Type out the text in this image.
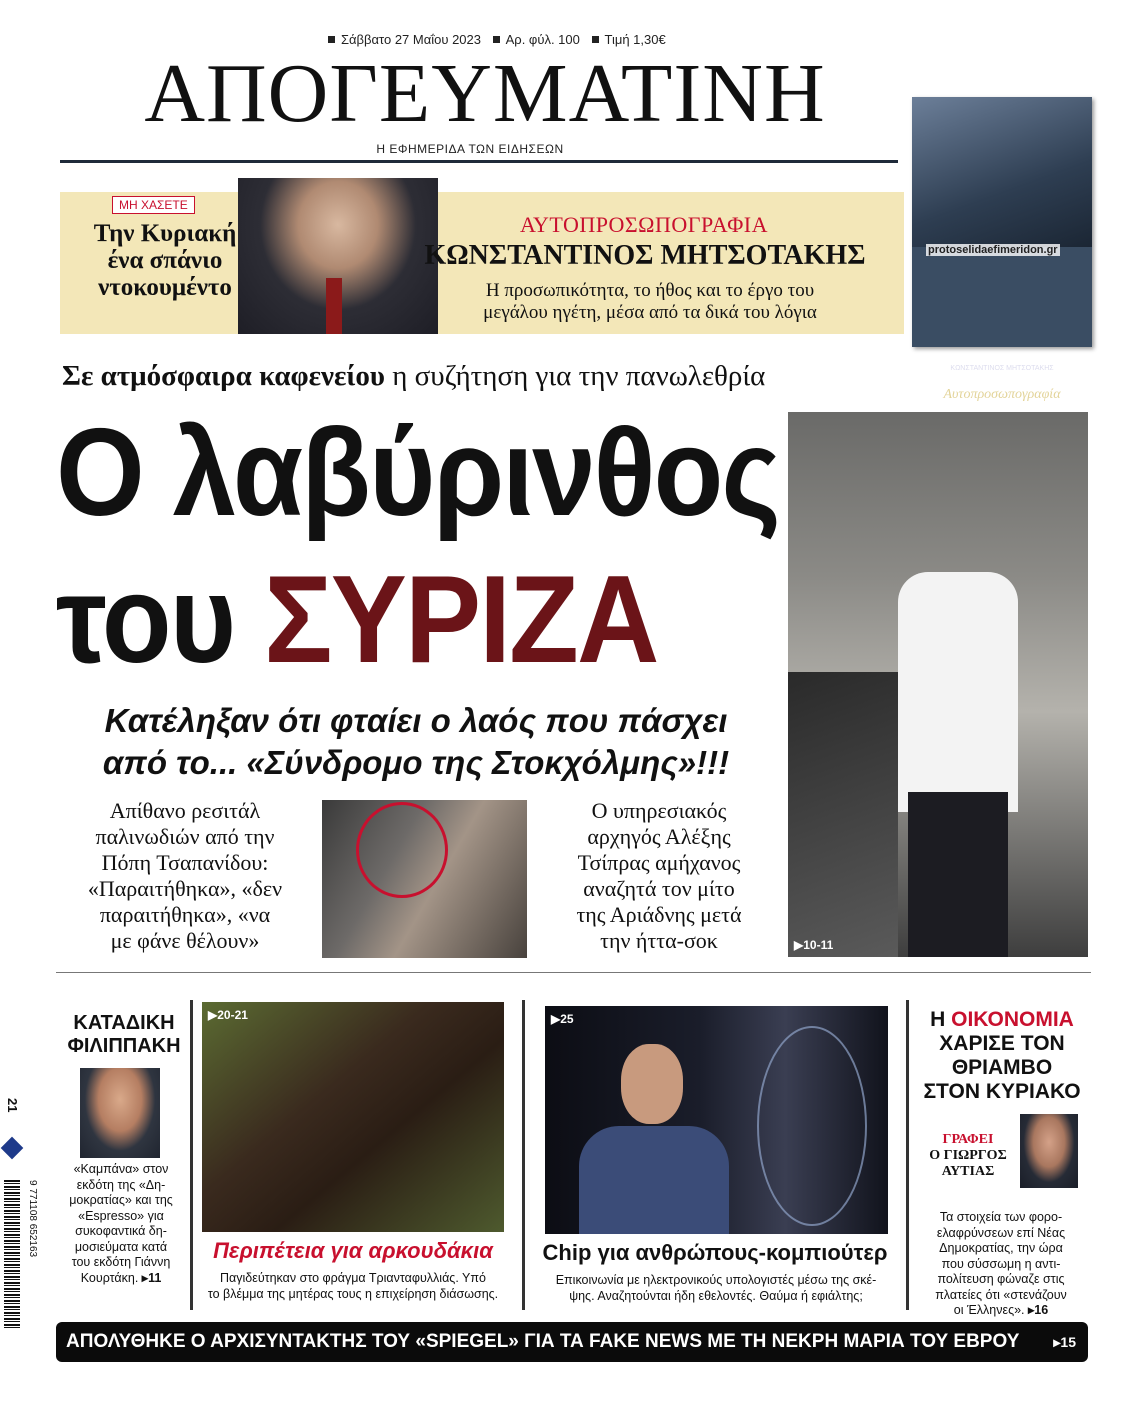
Σάββατο 27 Μαΐου 2023 Αρ. φύλ. 100 Τιμή 1,30€
ΑΠΟΓΕΥΜΑΤΙΝΗ
Η ΕΦΗΜΕΡΙΔΑ ΤΩΝ ΕΙΔΗΣΕΩΝ
ΚΩΝΣΤΑΝΤΙΝΟΣ ΜΗΤΣΟΤΑΚΗΣ
Αυτοπροσωπογραφία
protoselidaefimeridon.gr
ΜΗ ΧΑΣΕΤΕ
Την Κυριακή
ένα σπάνιο
ντοκουμέντο
ΑΥΤΟΠΡΟΣΩΠΟΓΡΑΦΙΑ
ΚΩΝΣΤΑΝΤΙΝΟΣ ΜΗΤΣΟΤΑΚΗΣ
Η προσωπικότητα, το ήθος και το έργο του
μεγάλου ηγέτη, μέσα από τα δικά του λόγια
Σε ατμόσφαιρα καφενείου η συζήτηση για την πανωλεθρία
Ο λαβύρινθος
του ΣΥΡΙΖΑ
Κατέληξαν ότι φταίει ο λαός που πάσχει
από το... «Σύνδρομο της Στοκχόλμης»!!!
Απίθανο ρεσιτάλ
παλινωδιών από την
Πόπη Τσαπανίδου:
«Παραιτήθηκα», «δεν
παραιτήθηκα», «να
με φάνε θέλουν»
Ο υπηρεσιακός
αρχηγός Αλέξης
Τσίπρας αμήχανος
αναζητά τον μίτο
της Αριάδνης μετά
την ήττα-σοκ	▶10-11
21
9 771108 652163
ΚΑΤΑΔΙΚΗ
ΦΙΛΙΠΠΑΚΗ
«Καμπάνα» στον
εκδότη της «Δη-
μοκρατίας» και της
«Espresso» για
συκοφαντικά δη-
μοσιεύματα κατά
του εκδότη Γιάννη
Κουρτάκη. ▸11
▶20-21
Περιπέτεια για αρκουδάκια
Παγιδεύτηκαν στο φράγμα Τριανταφυλλιάς. Υπό
το βλέμμα της μητέρας τους η επιχείρηση διάσωσης.
▶25
Chip για ανθρώπους-κομπιούτερ
Επικοινωνία με ηλεκτρονικούς υπολογιστές μέσω της σκέ-
ψης. Αναζητούνται ήδη εθελοντές. Θαύμα ή εφιάλτης;
Η ΟΙΚΟΝΟΜΙΑ
ΧΑΡΙΣΕ ΤΟΝ
ΘΡΙΑΜΒΟ
ΣΤΟΝ ΚΥΡΙΑΚΟ
ΓΡΑΦΕΙ
Ο ΓΙΩΡΓΟΣ
ΑΥΤΙΑΣ
Τα στοιχεία των φορο-
ελαφρύνσεων επί Νέας
Δημοκρατίας, την ώρα
που σύσσωμη η αντι-
πολίτευση φώναζε στις
πλατείες ότι «στενάζουν
οι Έλληνες». ▸16
ΑΠΟΛΥΘΗΚΕ Ο ΑΡΧΙΣΥΝΤΑΚΤΗΣ ΤΟΥ «SPIEGEL» ΓΙΑ ΤΑ FAKE NEWS ΜΕ ΤΗ ΝΕΚΡΗ ΜΑΡΙΑ ΤΟΥ ΕΒΡΟΥ ▸15
